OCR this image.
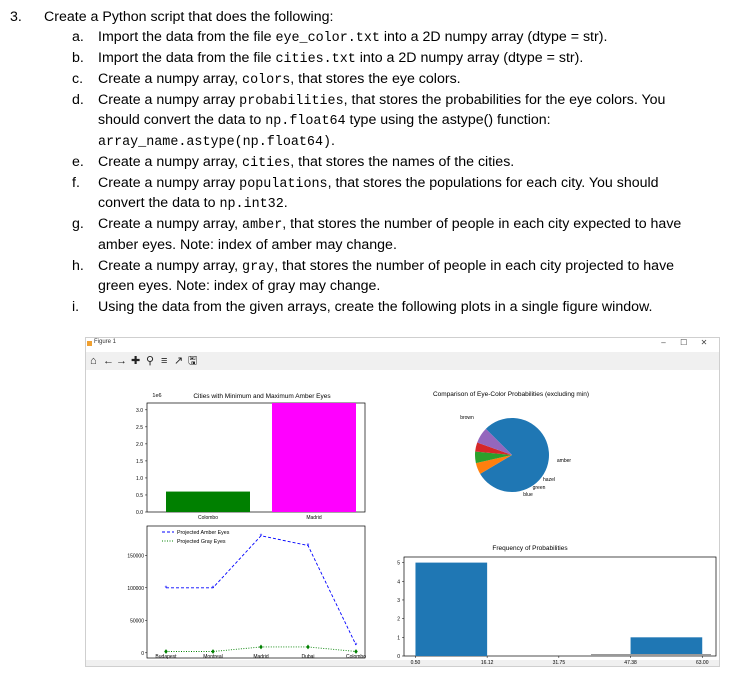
3. Create a Python script that does the following:
a. Import the data from the file eye_color.txt into a 2D numpy array (dtype = str).
b. Import the data from the file cities.txt into a 2D numpy array (dtype = str).
c.	Create a numpy array, colors, that stores the eye colors.
d. Create a numpy array probabilities, that stores the probabilities for the eye colors. You
should convert the data to np.float64 type using the astype() function:
array_name.astype(np.float64).
e. Create a numpy array, cities, that stores the names of the cities.
f.	Create a numpy array populations, that stores the populations for each city. You should
convert the data to np.int32.
g. Create a numpy array, amber, that stores the number of people in each city expected to have
amber eyes. Note: index of amber may change.
h. Create a numpy array, gray, that stores the number of people in each city projected to have
green eyes. Note: index of gray may change.
i.	Using the data from the given arrays, create the following plots in a single figure window.
Figure 1	– ☐ ✕
⌂ ← → ✚ ⚲ ≡ ↗ 🖫
Cities with Minimum and Maximum Amber Eyes
1e6
0.0
0.5
1.0
1.5
2.0
2.5
3.0
Colombo	Madrid
Comparison of Eye-Color Probabilities (excluding min)
brown
amber
hazel
green
blue
0
50000
100000
150000
Budapest	Montreal	Madrid	Dubai	Colombo
*	*
*
*
*
Projected Amber Eyes
Projected Gray Eyes
Frequency of Probabilities
0
1
2
3
4
5
0.50	16.12	31.75	47.38	63.00
